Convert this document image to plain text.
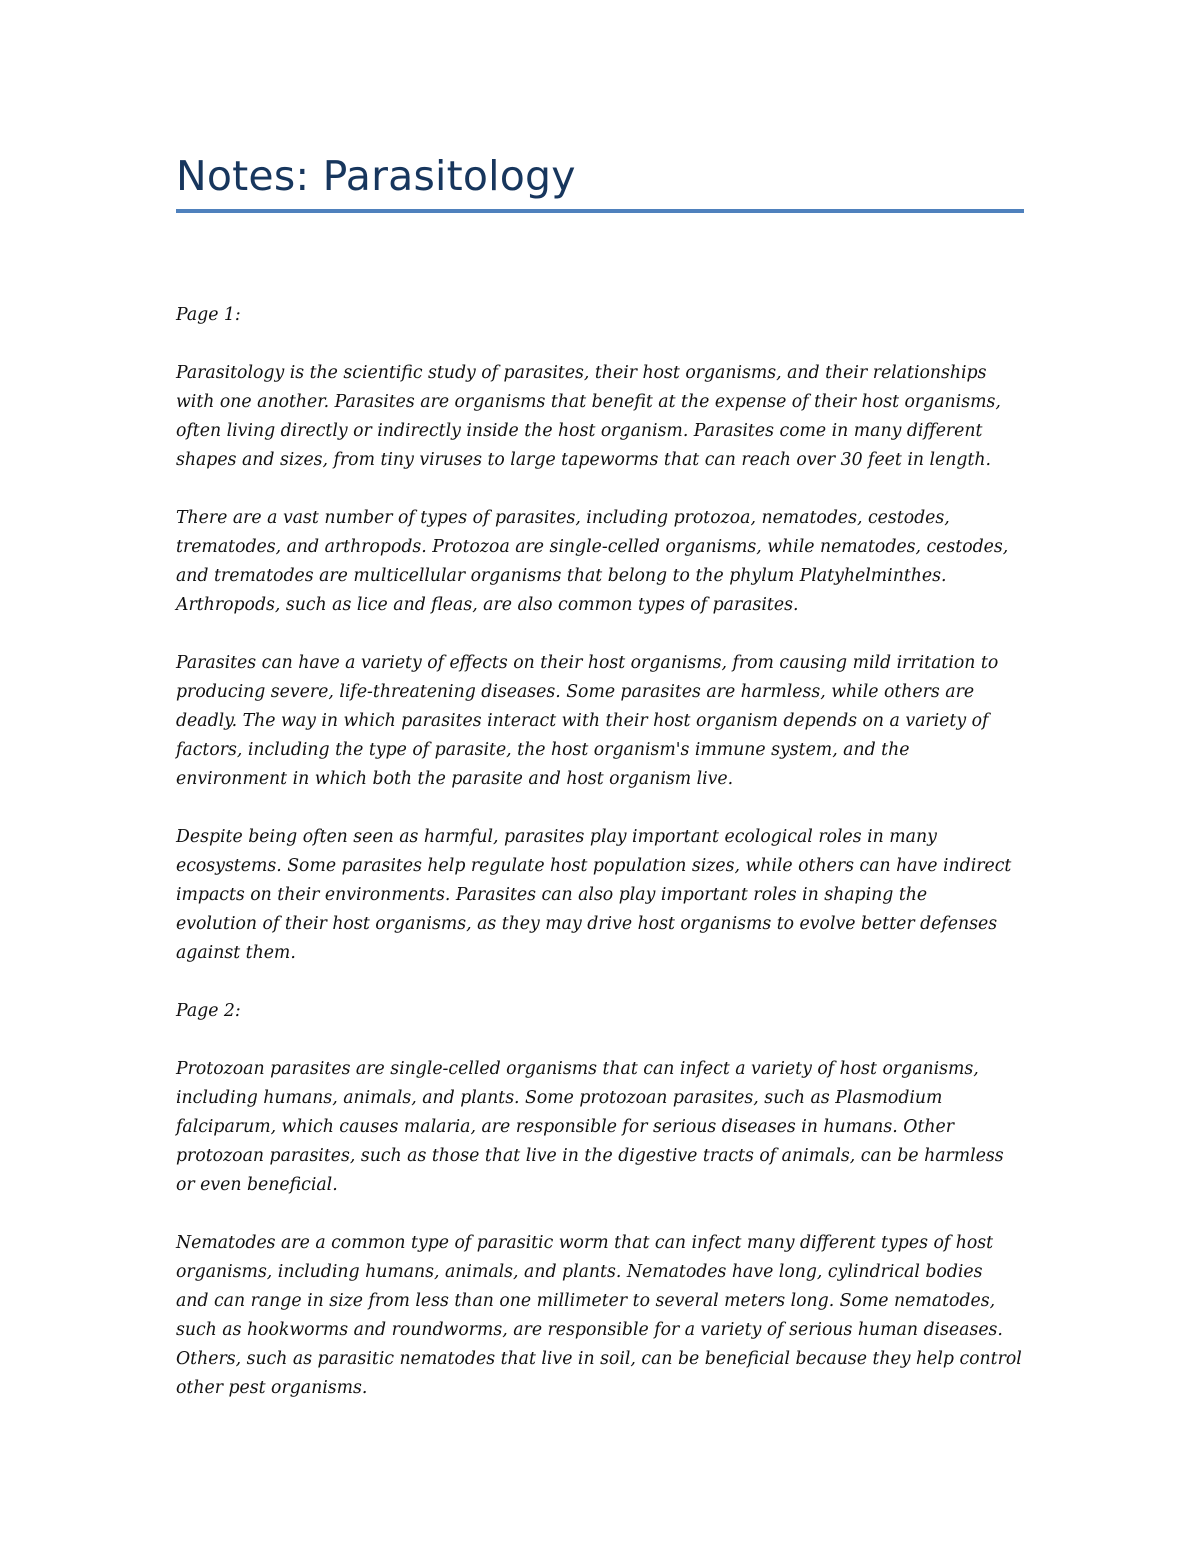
Notes: Parasitology

Page 1:

Parasitology is the scientific study of parasites, their host organisms, and their relationships
with one another. Parasites are organisms that benefit at the expense of their host organisms,
often living directly or indirectly inside the host organism. Parasites come in many different
shapes and sizes, from tiny viruses to large tapeworms that can reach over 30 feet in length.

There are a vast number of types of parasites, including protozoa, nematodes, cestodes,
trematodes, and arthropods. Protozoa are single-celled organisms, while nematodes, cestodes,
and trematodes are multicellular organisms that belong to the phylum Platyhelminthes.
Arthropods, such as lice and fleas, are also common types of parasites.

Parasites can have a variety of effects on their host organisms, from causing mild irritation to
producing severe, life-threatening diseases. Some parasites are harmless, while others are
deadly. The way in which parasites interact with their host organism depends on a variety of
factors, including the type of parasite, the host organism's immune system, and the
environment in which both the parasite and host organism live.

Despite being often seen as harmful, parasites play important ecological roles in many
ecosystems. Some parasites help regulate host population sizes, while others can have indirect
impacts on their environments. Parasites can also play important roles in shaping the
evolution of their host organisms, as they may drive host organisms to evolve better defenses
against them.

Page 2:

Protozoan parasites are single-celled organisms that can infect a variety of host organisms,
including humans, animals, and plants. Some protozoan parasites, such as Plasmodium
falciparum, which causes malaria, are responsible for serious diseases in humans. Other
protozoan parasites, such as those that live in the digestive tracts of animals, can be harmless
or even beneficial.

Nematodes are a common type of parasitic worm that can infect many different types of host
organisms, including humans, animals, and plants. Nematodes have long, cylindrical bodies
and can range in size from less than one millimeter to several meters long. Some nematodes,
such as hookworms and roundworms, are responsible for a variety of serious human diseases.
Others, such as parasitic nematodes that live in soil, can be beneficial because they help control
other pest organisms.
